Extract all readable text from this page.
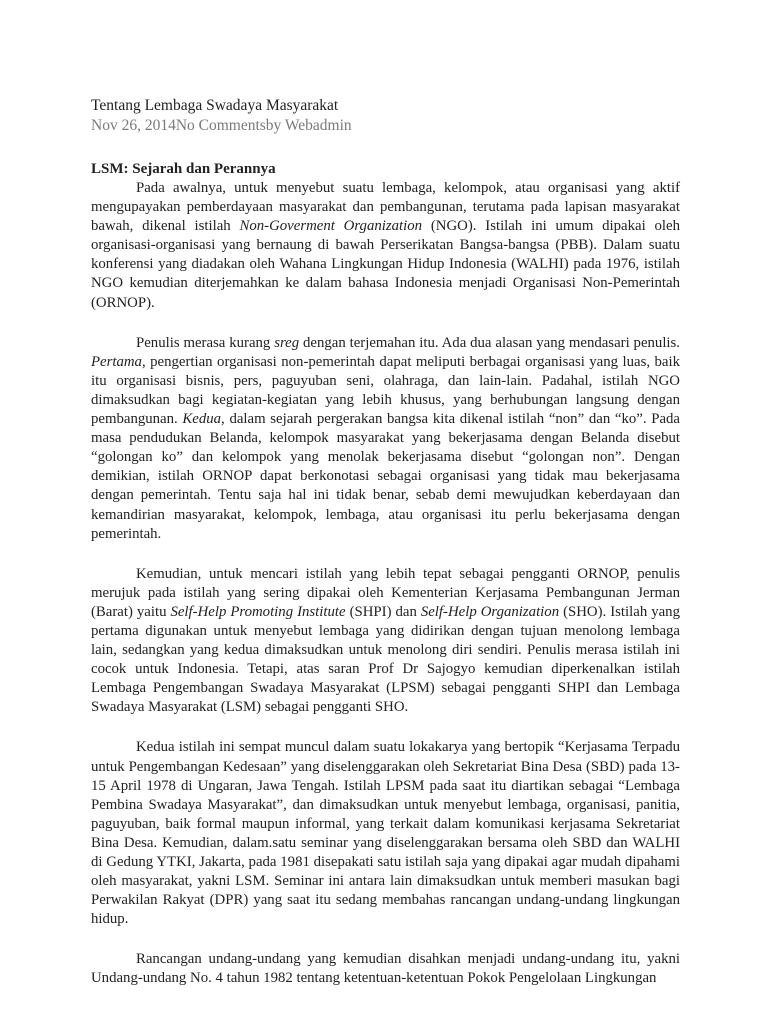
Tentang Lembaga Swadaya Masyarakat
Nov 26, 2014No Commentsby Webadmin
LSM: Sejarah dan Perannya

Pada awalnya, untuk menyebut suatu lembaga, kelompok, atau organisasi yang aktif mengupayakan pemberdayaan masyarakat dan pembangunan, terutama pada lapisan masyarakat bawah, dikenal istilah Non-Goverment Organization (NGO). Istilah ini umum dipakai oleh organisasi-organisasi yang bernaung di bawah Perserikatan Bangsa-bangsa (PBB). Dalam suatu konferensi yang diadakan oleh Wahana Lingkungan Hidup Indonesia (WALHI) pada 1976, istilah NGO kemudian diterjemahkan ke dalam bahasa Indonesia menjadi Organisasi Non-Pemerintah (ORNOP).

Penulis merasa kurang sreg dengan terjemahan itu. Ada dua alasan yang mendasari penulis. Pertama, pengertian organisasi non-pemerintah dapat meliputi berbagai organisasi yang luas, baik itu organisasi bisnis, pers, paguyuban seni, olahraga, dan lain-lain. Padahal, istilah NGO dimaksudkan bagi kegiatan-kegiatan yang lebih khusus, yang berhubungan langsung dengan pembangunan. Kedua, dalam sejarah pergerakan bangsa kita dikenal istilah “non” dan “ko”. Pada masa pendudukan Belanda, kelompok masyarakat yang bekerjasama dengan Belanda disebut “golongan ko” dan kelompok yang menolak bekerjasama disebut “golongan non”. Dengan demikian, istilah ORNOP dapat berkonotasi sebagai organisasi yang tidak mau bekerjasama dengan pemerintah. Tentu saja hal ini tidak benar, sebab demi mewujudkan keberdayaan dan kemandirian masyarakat, kelompok, lembaga, atau organisasi itu perlu bekerjasama dengan pemerintah.

Kemudian, untuk mencari istilah yang lebih tepat sebagai pengganti ORNOP, penulis merujuk pada istilah yang sering dipakai oleh Kementerian Kerjasama Pembangunan Jerman (Barat) yaitu Self-Help Promoting Institute (SHPI) dan Self-Help Organization (SHO). Istilah yang pertama digunakan untuk menyebut lembaga yang didirikan dengan tujuan menolong lembaga lain, sedangkan yang kedua dimaksudkan untuk menolong diri sendiri. Penulis merasa istilah ini cocok untuk Indonesia. Tetapi, atas saran Prof Dr Sajogyo kemudian diperkenalkan istilah Lembaga Pengembangan Swadaya Masyarakat (LPSM) sebagai pengganti SHPI dan Lembaga Swadaya Masyarakat (LSM) sebagai pengganti SHO.

Kedua istilah ini sempat muncul dalam suatu lokakarya yang bertopik “Kerjasama Terpadu untuk Pengembangan Kedesaan” yang diselenggarakan oleh Sekretariat Bina Desa (SBD) pada 13-15 April 1978 di Ungaran, Jawa Tengah. Istilah LPSM pada saat itu diartikan sebagai “Lembaga Pembina Swadaya Masyarakat”, dan dimaksudkan untuk menyebut lembaga, organisasi, panitia, paguyuban, baik formal maupun informal, yang terkait dalam komunikasi kerjasama Sekretariat Bina Desa. Kemudian, dalam.satu seminar yang diselenggarakan bersama oleh SBD dan WALHI di Gedung YTKI, Jakarta, pada 1981 disepakati satu istilah saja yang dipakai agar mudah dipahami oleh masyarakat, yakni LSM. Seminar ini antara lain dimaksudkan untuk memberi masukan bagi Perwakilan Rakyat (DPR) yang saat itu sedang membahas rancangan undang-undang lingkungan hidup.

Rancangan undang-undang yang kemudian disahkan menjadi undang-undang itu, yakni Undang-undang No. 4 tahun 1982 tentang ketentuan-ketentuan Pokok Pengelolaan Lingkungan
